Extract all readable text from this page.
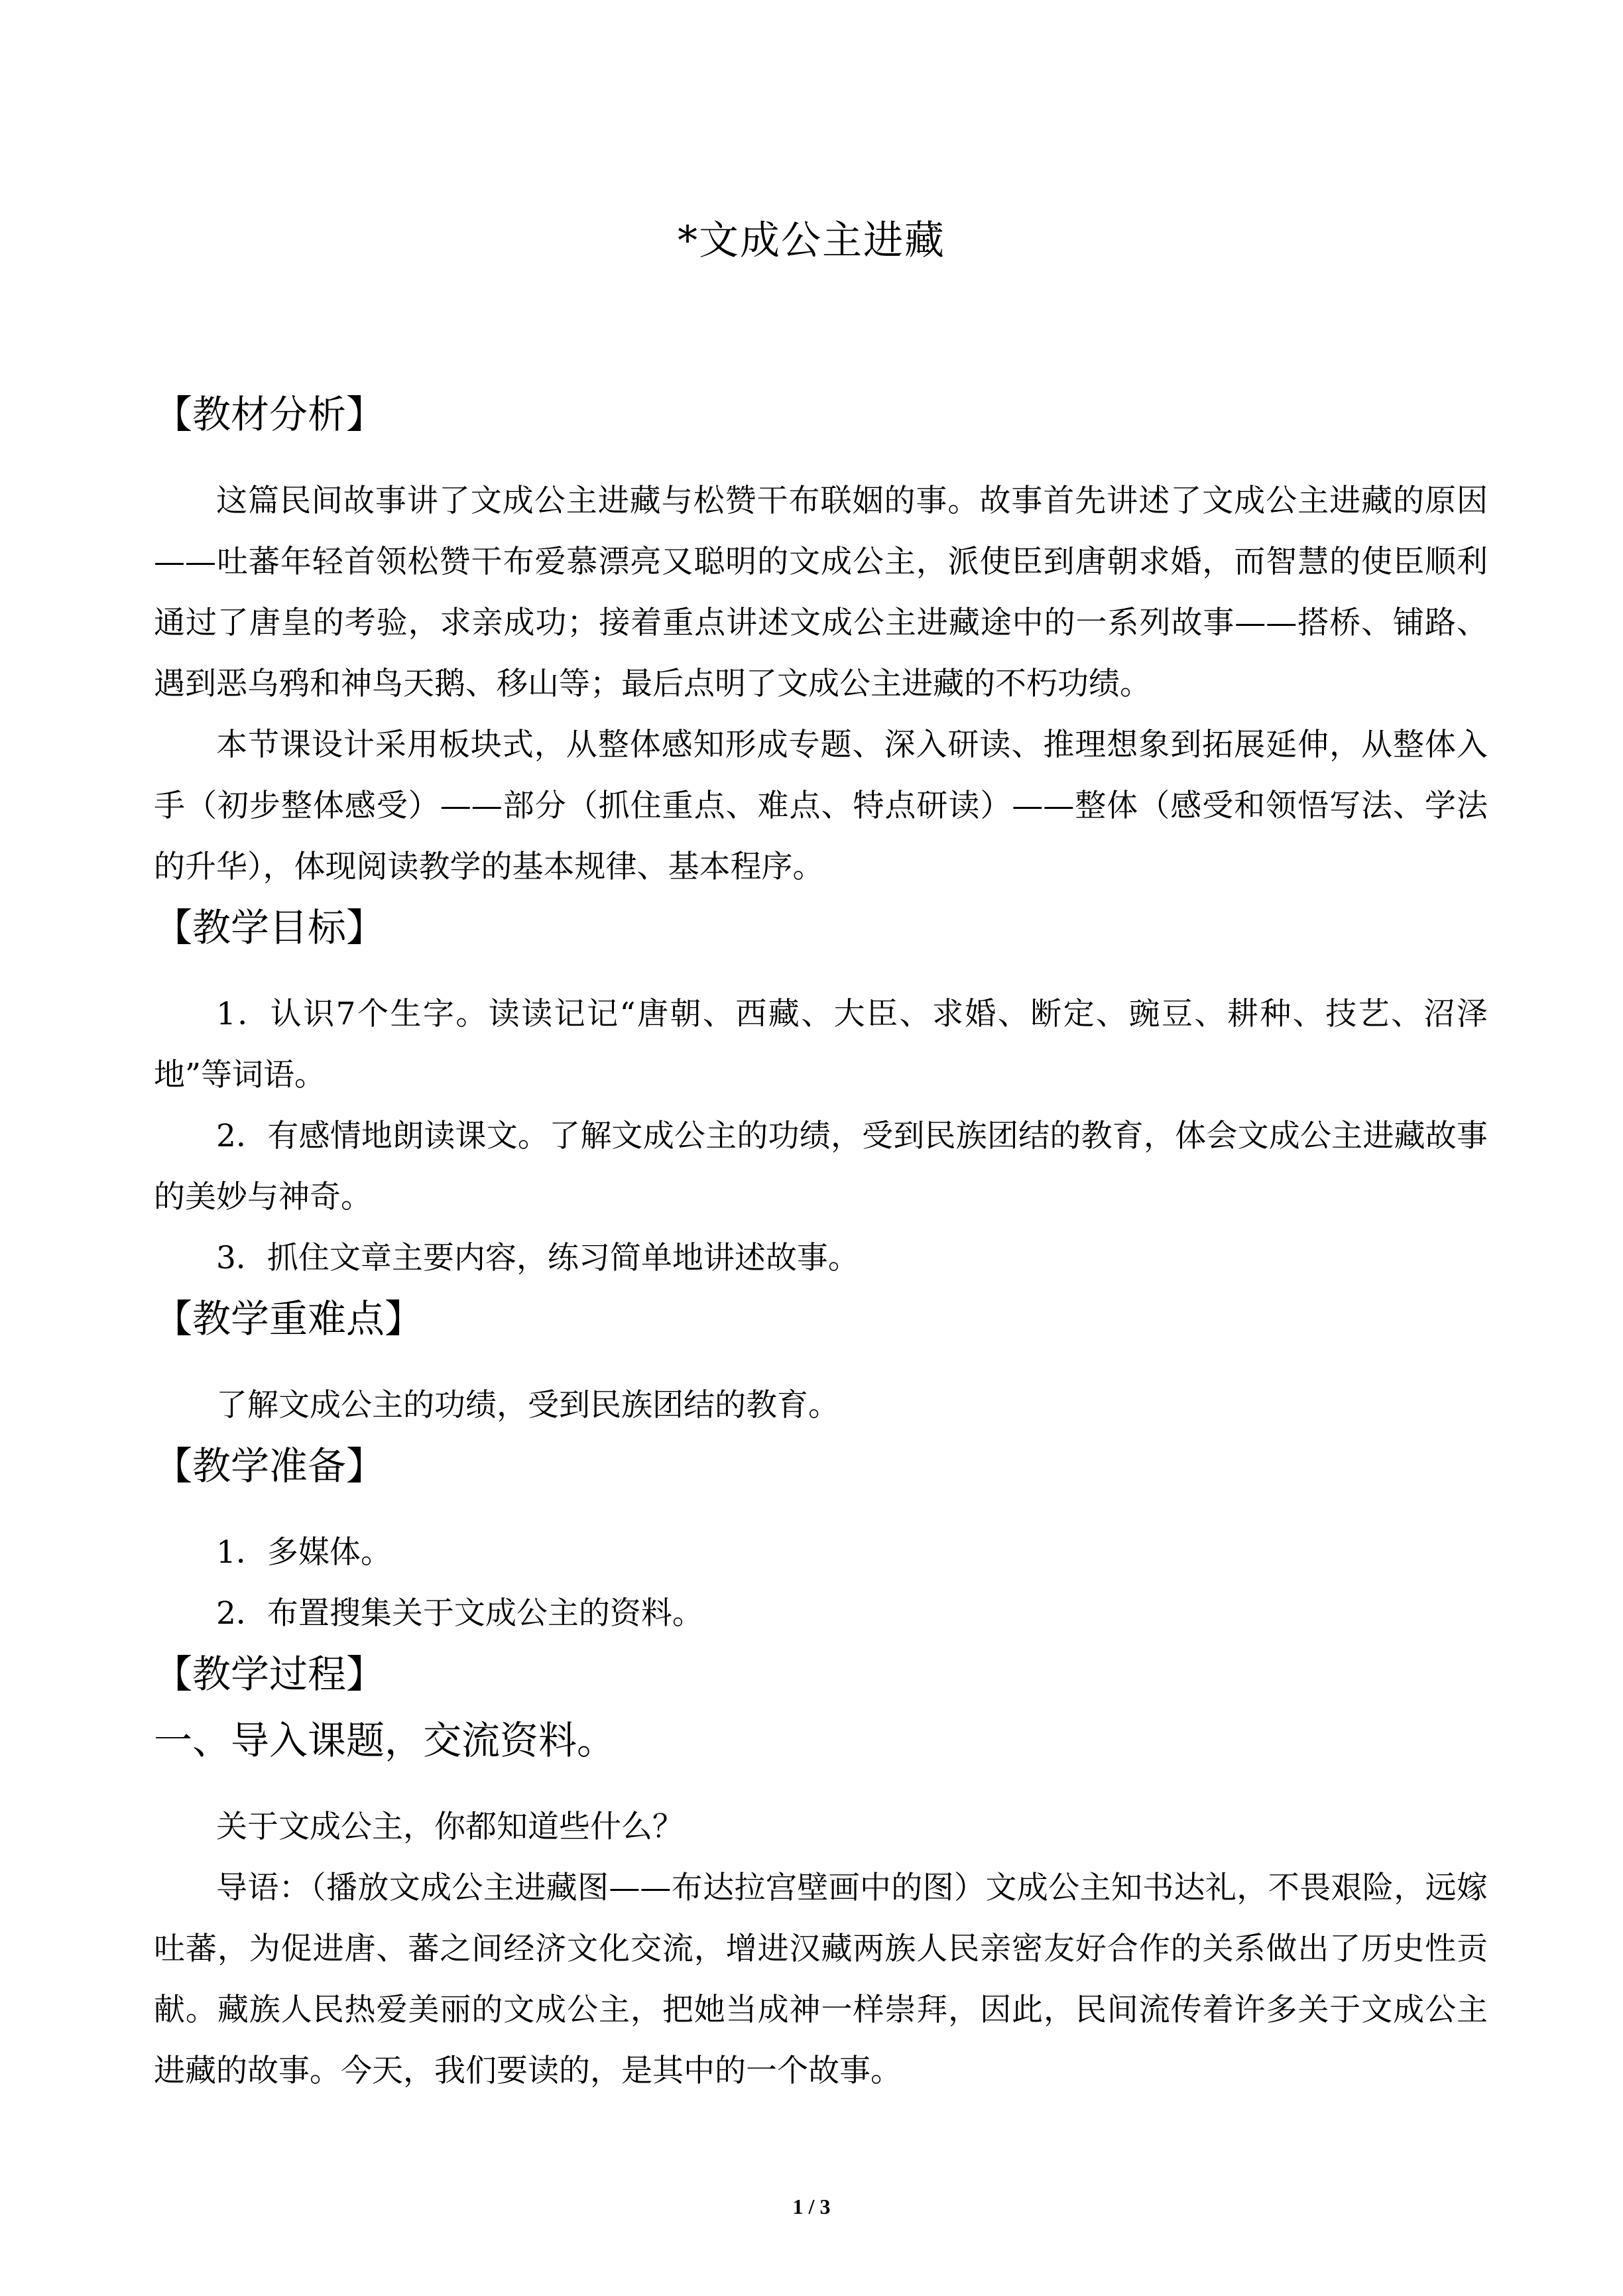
*文成公主进藏
【教材分析】

这篇民间故事讲了文成公主进藏与松赞干布联姻的事。故事首先讲述了文成公主进藏的原因——吐蕃年轻首领松赞干布爱慕漂亮又聪明的文成公主，派使臣到唐朝求婚，而智慧的使臣顺利通过了唐皇的考验，求亲成功；接着重点讲述文成公主进藏途中的一系列故事——搭桥、铺路、遇到恶乌鸦和神鸟天鹅、移山等；最后点明了文成公主进藏的不朽功绩。

本节课设计采用板块式，从整体感知形成专题、深入研读、推理想象到拓展延伸，从整体入手（初步整体感受）——部分（抓住重点、难点、特点研读）——整体（感受和领悟写法、学法的升华），体现阅读教学的基本规律、基本程序。

【教学目标】

1．认识7个生字。读读记记“唐朝、西藏、大臣、求婚、断定、豌豆、耕种、技艺、沼泽地”等词语。

2．有感情地朗读课文。了解文成公主的功绩，受到民族团结的教育，体会文成公主进藏故事的美妙与神奇。

3．抓住文章主要内容，练习简单地讲述故事。

【教学重难点】

了解文成公主的功绩，受到民族团结的教育。

【教学准备】

1．多媒体。

2．布置搜集关于文成公主的资料。

【教学过程】
一、导入课题，交流资料。

关于文成公主，你都知道些什么？

导语：（播放文成公主进藏图——布达拉宫壁画中的图）文成公主知书达礼，不畏艰险，远嫁吐蕃，为促进唐、蕃之间经济文化交流，增进汉藏两族人民亲密友好合作的关系做出了历史性贡献。藏族人民热爱美丽的文成公主，把她当成神一样崇拜，因此，民间流传着许多关于文成公主进藏的故事。今天，我们要读的，是其中的一个故事。

1 / 3
